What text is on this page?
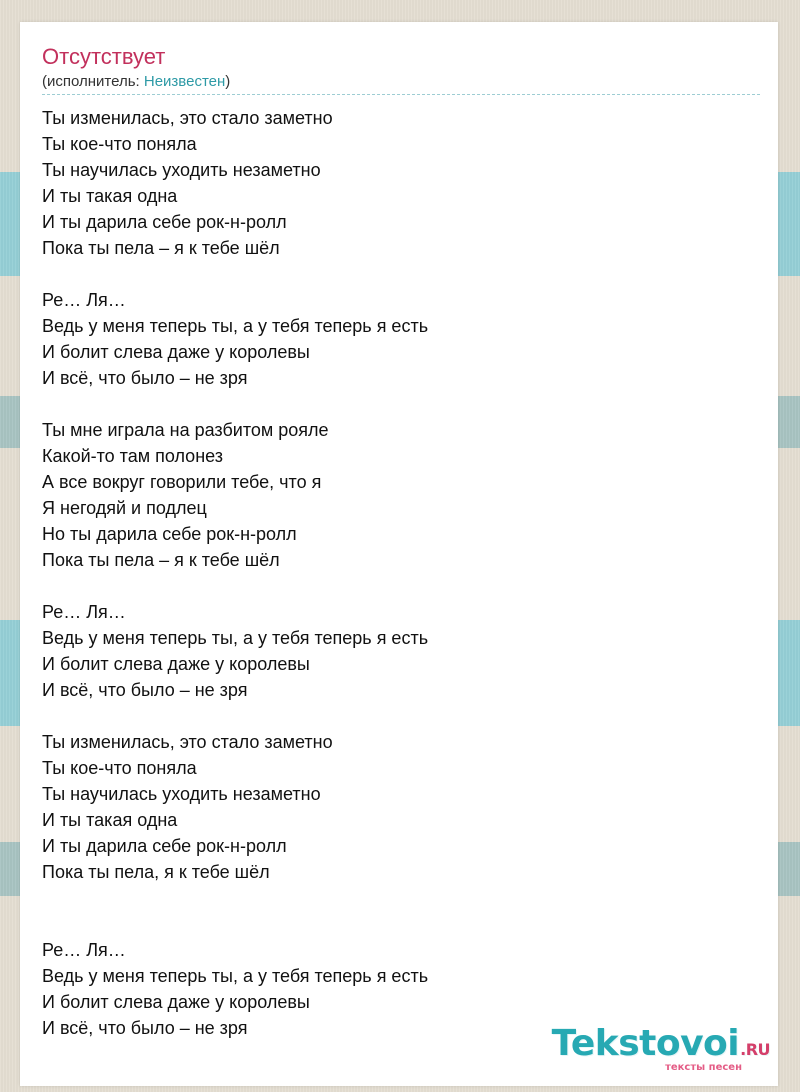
Отсутствует
(исполнитель: Неизвестен)
Ты изменилась, это стало заметно
Ты кое-что поняла
Ты научилась уходить незаметно
И ты такая одна
И ты дарила себе рок-н-ролл
Пока ты пела – я к тебе шёл
Ре… Ля…
Ведь у меня теперь ты, а у тебя теперь я есть
И болит слева даже у королевы
И всё, что было – не зря
Ты мне играла на разбитом рояле
Какой-то там полонез
А все вокруг говорили тебе, что я
Я негодяй и подлец
Но ты дарила себе рок-н-ролл
Пока ты пела – я к тебе шёл
Ре… Ля…
Ведь у меня теперь ты, а у тебя теперь я есть
И болит слева даже у королевы
И всё, что было – не зря
Ты изменилась, это стало заметно
Ты кое-что поняла
Ты научилась уходить незаметно
И ты такая одна
И ты дарила себе рок-н-ролл
Пока ты пела, я к тебе шёл
Ре… Ля…
Ведь у меня теперь ты, а у тебя теперь я есть
И болит слева даже у королевы
И всё, что было – не зря	Tekstovoi.RU
тексты песен
